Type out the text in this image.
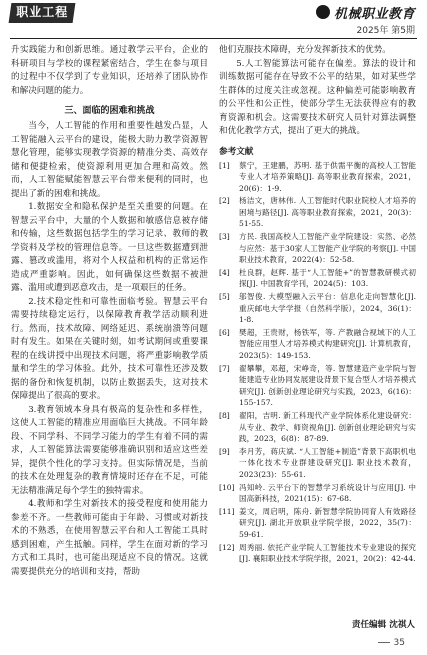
职业工程	机械职业教育
2025年 第5期

升实践能力和创新思维。通过教学云平台，企业的科研项目与学校的课程紧密结合，学生在参与项目的过程中不仅学到了专业知识，还培养了团队协作和解决问题的能力。

三、面临的困难和挑战

当今，人工智能的作用和重要性越发凸显，人工智能融入云平台的建设，能极大助力教学资源智慧化管理，能够实现教学资源的精准分类、高效存储和便捷检索，使资源利用更加合理和高效。然而，人工智能赋能智慧云平台带来便利的同时，也提出了新的困难和挑战。

1.数据安全和隐私保护是至关重要的问题。在智慧云平台中，大量的个人数据和敏感信息被存储和传输，这些数据包括学生的学习记录、教师的教学资料及学校的管理信息等。一旦这些数据遭到泄露、篡改或滥用，将对个人权益和机构的正常运作造成严重影响。因此，如何确保这些数据不被泄露、滥用或遭到恶意攻击，是一项艰巨的任务。

2.技术稳定性和可靠性面临考验。智慧云平台需要持续稳定运行，以保障教育教学活动顺利进行。然而，技术故障、网络延迟、系统崩溃等问题时有发生。如果在关键时刻，如考试期间或重要课程的在线讲授中出现技术问题，将严重影响教学质量和学生的学习体验。此外，技术可靠性还涉及数据的备份和恢复机制，以防止数据丢失，这对技术保障提出了很高的要求。

3.教育领域本身具有极高的复杂性和多样性，这使人工智能的精准应用面临巨大挑战。不同年龄段、不同学科、不同学习能力的学生有着不同的需求，人工智能算法需要能够准确识别和适应这些差异，提供个性化的学习支持。但实际情况是，当前的技术在处理复杂的教育情境时还存在不足，可能无法精准满足每个学生的独特需求。

4.教师和学生对新技术的接受程度和使用能力参差不齐。一些教师可能由于年龄、习惯或对新技术的不熟悉，在使用智慧云平台和人工智能工具时感到困难，产生抵触。同样，学生在面对新的学习方式和工具时，也可能出现适应不良的情况。这就需要提供充分的培训和支持，帮助

他们克服技术障碍，充分发挥新技术的优势。

5.人工智能算法可能存在偏差。算法的设计和训练数据可能存在导致不公平的结果，如对某些学生群体的过度关注或忽视。这种偏差可能影响教育的公平性和公正性，使部分学生无法获得应有的教育资源和机会。这需要技术研究人员针对算法调整和优化教学方式，提出了更大的挑战。

参考文献
[1]	蔡宁，王建鹏，苏明. 基于供需平衡的高校人工智能专业人才培养策略[J]. 高等职业教育探索，2021，20(6)：1-9.
[2]	杨洁文，唐林伟. 人工智能时代职业院校人才培养的困境与路径[J]. 高等职业教育探索，2021，20(3)：51-55.
[3]	方民. 我国高校人工智能产业学院建设：实然、必然与应然：基于30家人工智能产业学院的考察[J]. 中国职业技术教育，2022(4)：52-58.
[4]	杜良群，赵辉. 基于“人工智能+”的智慧教研模式初探[J]. 中国教育学刊，2024(5)：103.
[5]	邬智俊. 大模型融入云平台：信息化走向智慧化[J]. 重庆邮电大学学报（自然科学版），2024，36(1)：1-8.
[6]	樊超，王贵财，杨铁军，等. 产教融合视域下的人工智能应用型人才培养模式构建研究[J]. 计算机教育，2023(5)：149-153.
[7]	翟攀攀，邓超，宋峥奇，等. 智慧建造产业学院与智能建造专业协同发展建设背景下复合型人才培养模式研究[J]. 创新创业理论研究与实践，2023，6(16)：155-157.
[8]	翟阳，吉明. 新工科现代产业学院体系化建设研究：从专业、教学、师资视角[J]. 创新创业理论研究与实践，2023，6(8)：87-89.
[9]	李月芳，蒋庆斌. “人工智能+制造”背景下高职机电一体化技术专业群建设研究[J]. 职业技术教育，2023(23)：55-61.
[10] 冯知岭. 云平台下的智慧学习系统设计与应用[J]. 中国高新科技，2021(15)：67-68.
[11] 姜文，周启明，陈舟. 新智慧学院协同育人有效路径研究[J]. 湖北开放职业学院学报，2022，35(7)：59-61.
[12] 周秀丽. 依托产业学院人工智能技术专业建设的探究[J]. 襄阳职业技术学院学报，2021，20(2)：42-44.
责任编辑 沈祺人
35
